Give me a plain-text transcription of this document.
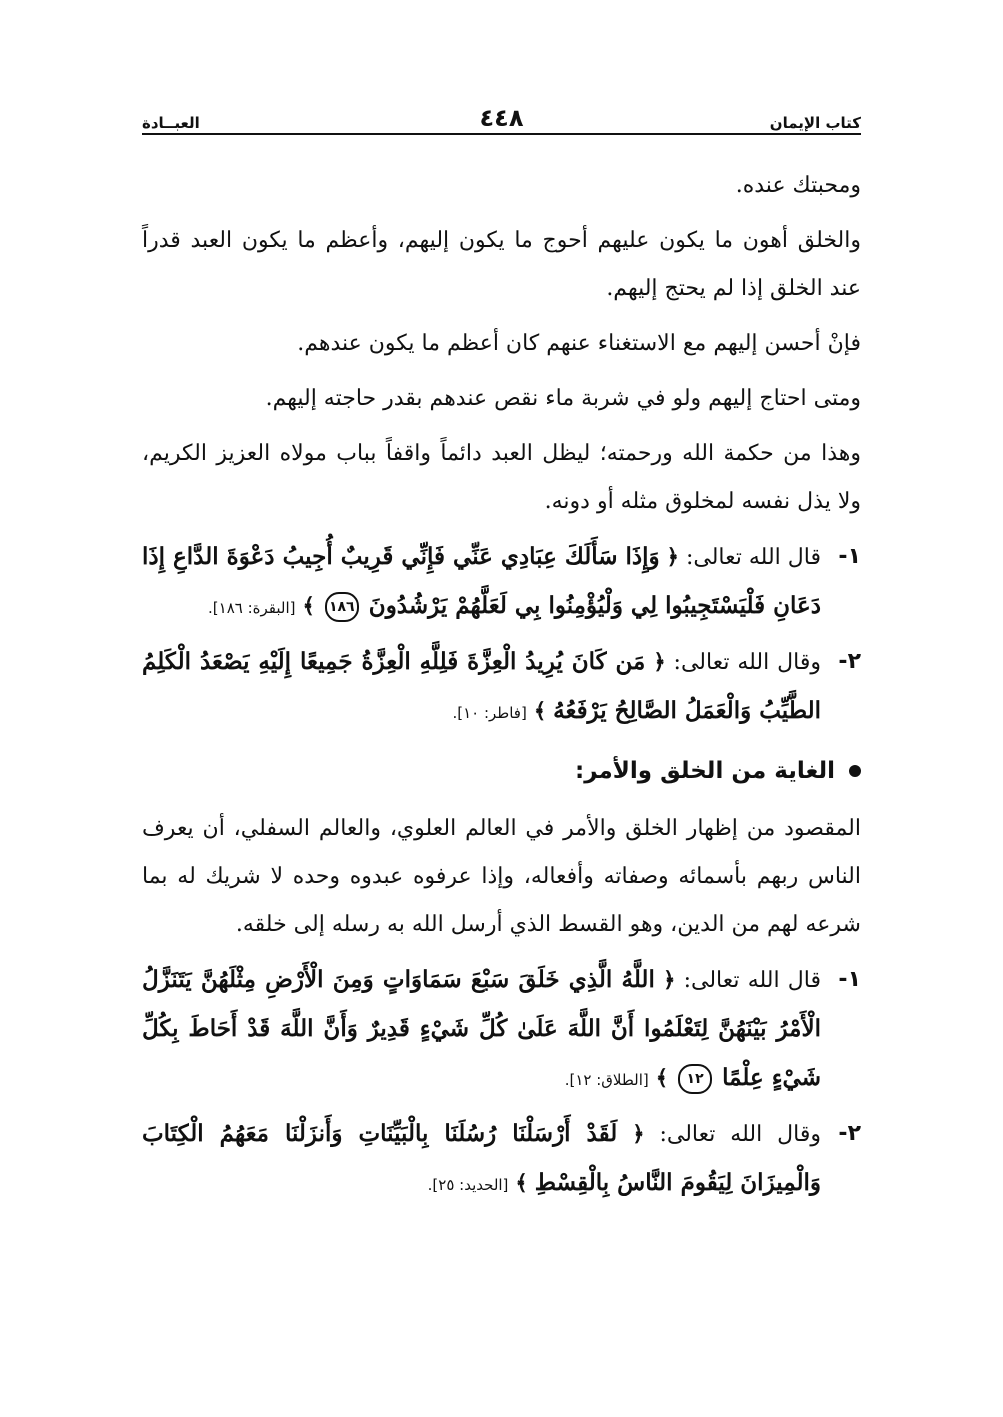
كتاب الإيمان
٤٤٨
العبــادة

ومحبتك عنده.

والخلق أهون ما يكون عليهم أحوج ما يكون إليهم، وأعظم ما يكون العبد قدراً عند الخلق إذا لم يحتج إليهم.

فإنْ أحسن إليهم مع الاستغناء عنهم كان أعظم ما يكون عندهم.

ومتى احتاج إليهم ولو في شربة ماء نقص عندهم بقدر حاجته إليهم.

وهذا من حكمة الله ورحمته؛ ليظل العبد دائماً واقفاً بباب مولاه العزيز الكريم، ولا يذل نفسه لمخلوق مثله أو دونه.

١-
قال الله تعالى: ﴿ وَإِذَا سَأَلَكَ عِبَادِي عَنِّي فَإِنِّي قَرِيبٌ أُجِيبُ دَعْوَةَ الدَّاعِ إِذَا دَعَانِ فَلْيَسْتَجِيبُوا لِي وَلْيُؤْمِنُوا بِي لَعَلَّهُمْ يَرْشُدُونَ ١٨٦ ﴾ [البقرة: ١٨٦].
٢-
وقال الله تعالى: ﴿ مَن كَانَ يُرِيدُ الْعِزَّةَ فَلِلَّهِ الْعِزَّةُ جَمِيعًا إِلَيْهِ يَصْعَدُ الْكَلِمُ الطَّيِّبُ وَالْعَمَلُ الصَّالِحُ يَرْفَعُهُ ﴾ [فاطر: ١٠].
الغاية من الخلق والأمر:

المقصود من إظهار الخلق والأمر في العالم العلوي، والعالم السفلي، أن يعرف الناس ربهم بأسمائه وصفاته وأفعاله، وإذا عرفوه عبدوه وحده لا شريك له بما شرعه لهم من الدين، وهو القسط الذي أرسل الله به رسله إلى خلقه.

١-
قال الله تعالى: ﴿ اللَّهُ الَّذِي خَلَقَ سَبْعَ سَمَاوَاتٍ وَمِنَ الْأَرْضِ مِثْلَهُنَّ يَتَنَزَّلُ الْأَمْرُ بَيْنَهُنَّ لِتَعْلَمُوا أَنَّ اللَّهَ عَلَىٰ كُلِّ شَيْءٍ قَدِيرٌ وَأَنَّ اللَّهَ قَدْ أَحَاطَ بِكُلِّ شَيْءٍ عِلْمًا ١٢ ﴾ [الطلاق: ١٢].
٢-
وقال الله تعالى: ﴿ لَقَدْ أَرْسَلْنَا رُسُلَنَا بِالْبَيِّنَاتِ وَأَنزَلْنَا مَعَهُمُ الْكِتَابَ وَالْمِيزَانَ لِيَقُومَ النَّاسُ بِالْقِسْطِ ﴾ [الحديد: ٢٥].
